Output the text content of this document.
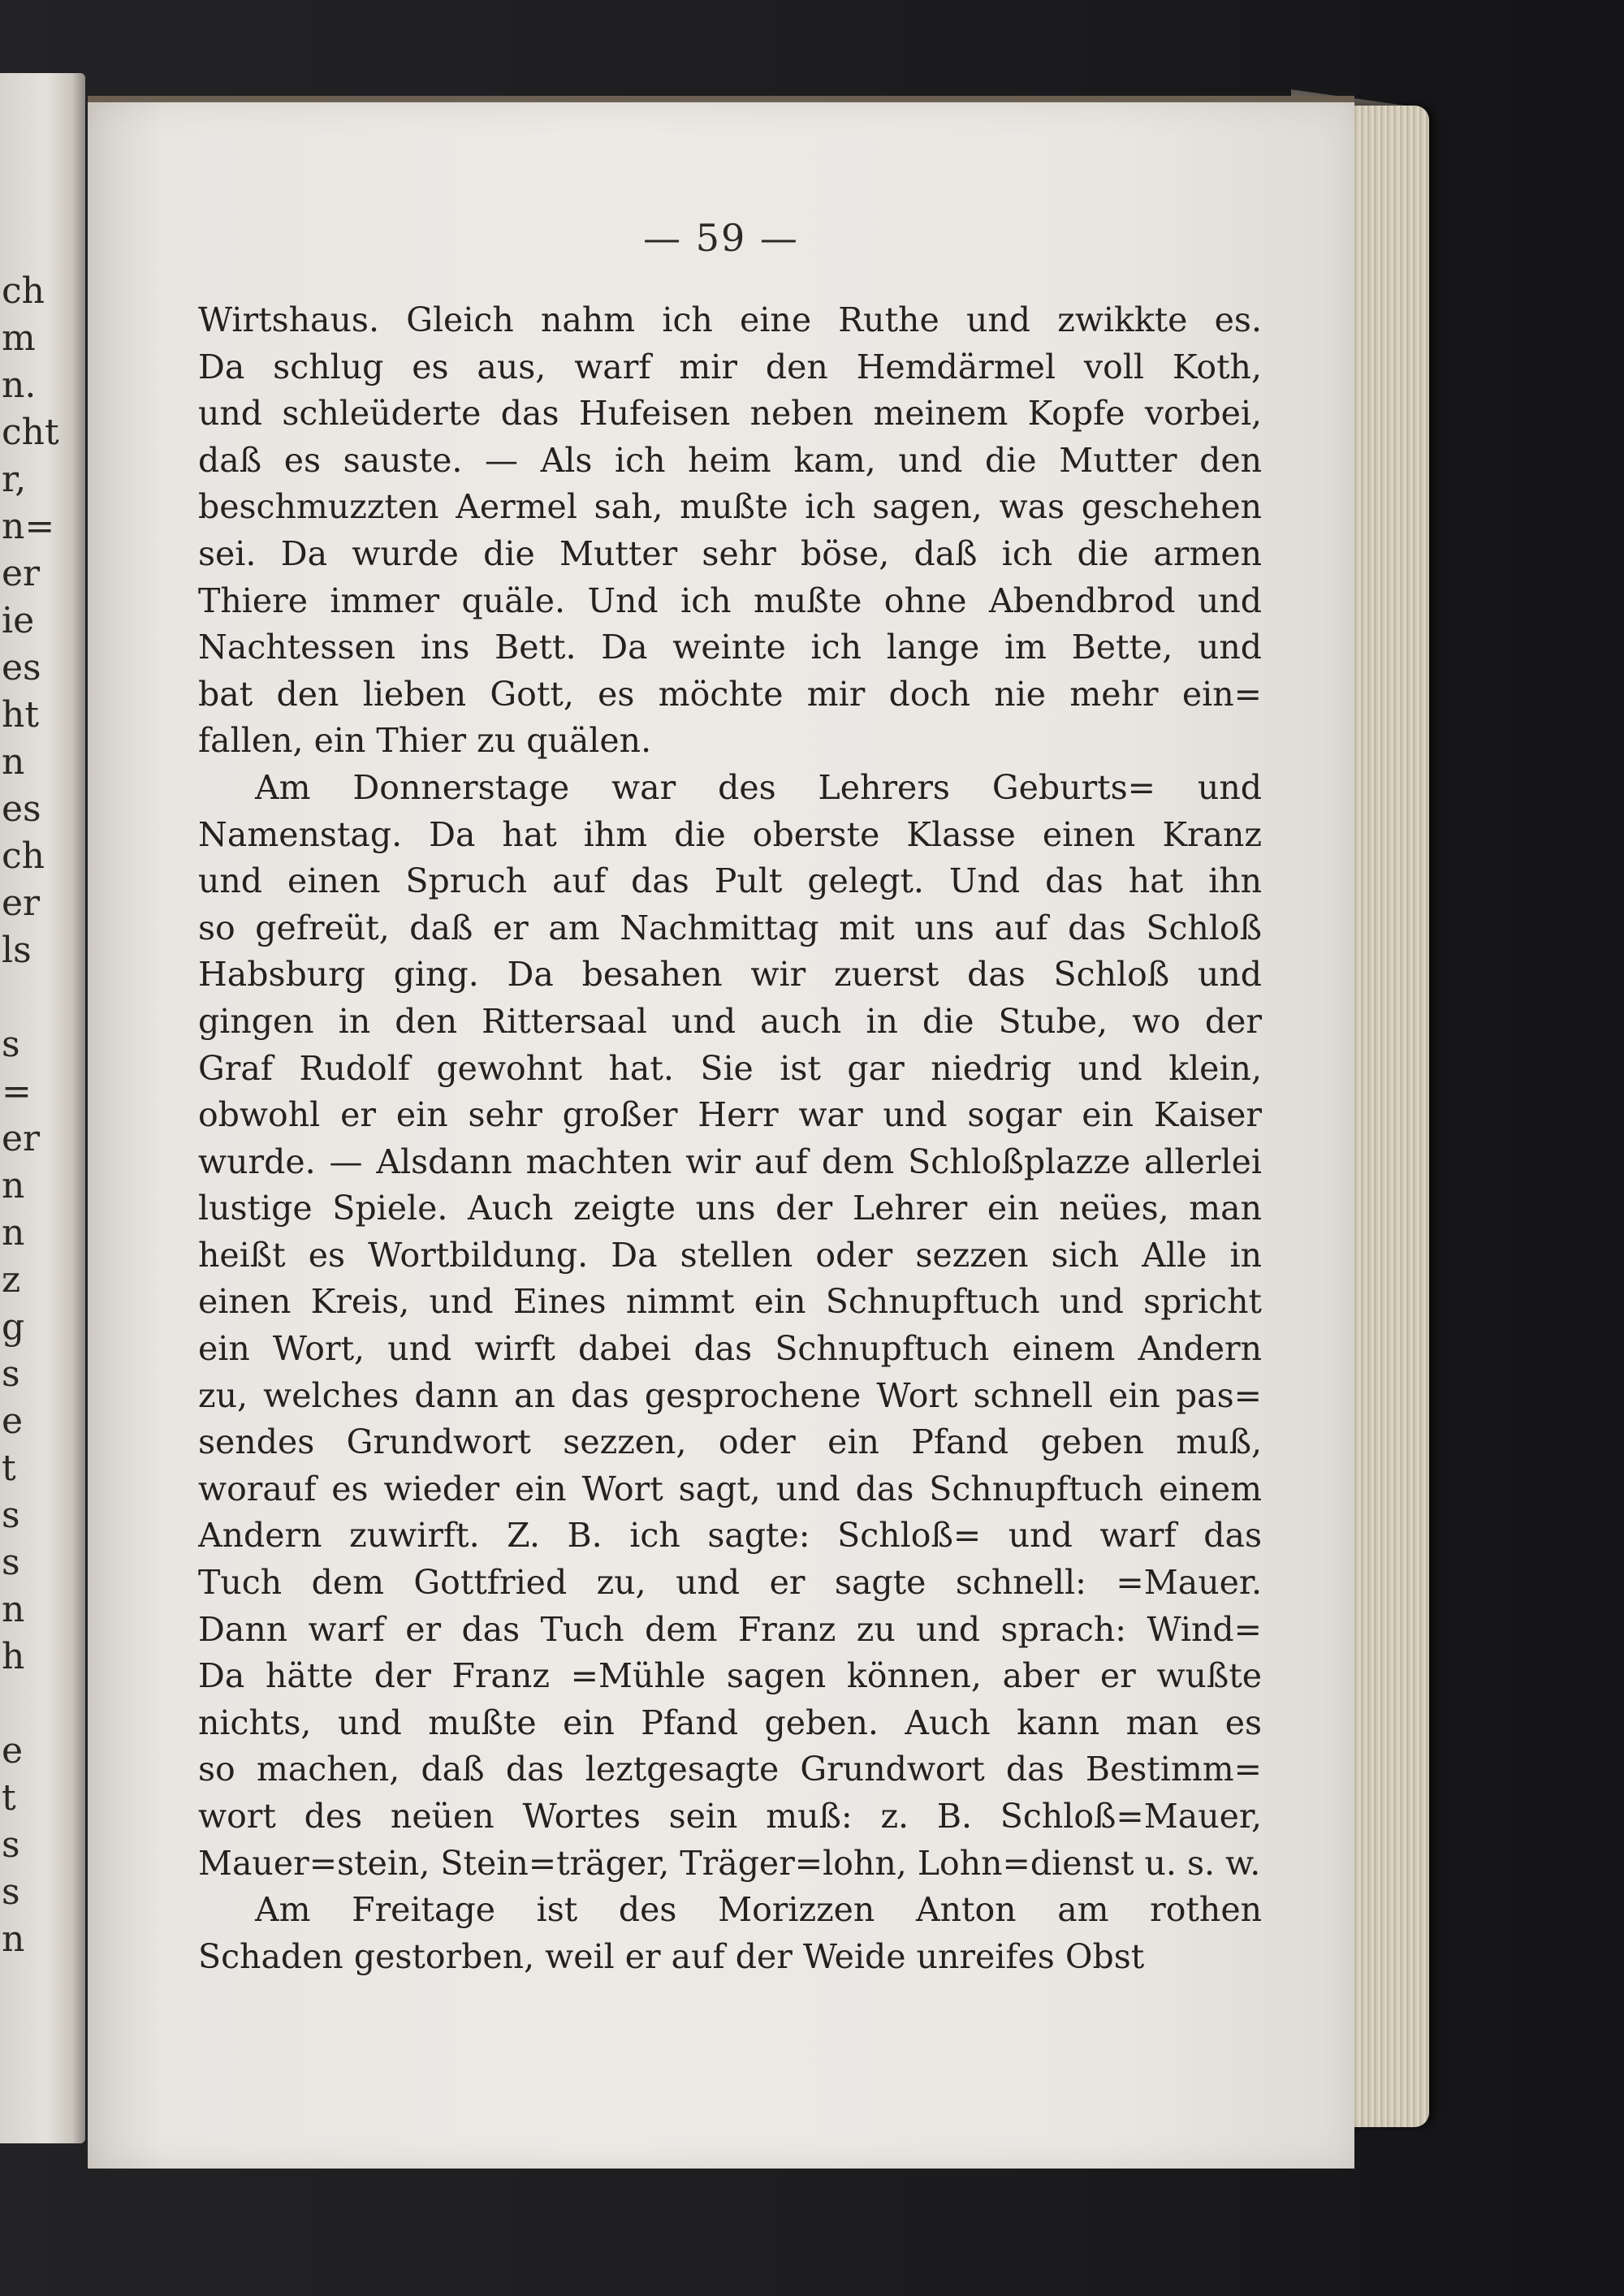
ch
m
n.
cht
r,
n=
er
ie
es
ht
n
es
ch
er
ls
s
=
er
n
n
z
g
s
e
t
s
s
n
h
e
t
s
s
n
— 59 —
Wirtshaus. Gleich nahm ich eine Ruthe und zwikkte es.
Da schlug es aus, warf mir den Hemdärmel voll Koth,
und schleüderte das Hufeisen neben meinem Kopfe vorbei,
daß es sauste. — Als ich heim kam, und die Mutter den
beschmuzzten Aermel sah, mußte ich sagen, was geschehen
sei. Da wurde die Mutter sehr böse, daß ich die armen
Thiere immer quäle. Und ich mußte ohne Abendbrod und
Nachtessen ins Bett. Da weinte ich lange im Bette, und
bat den lieben Gott, es möchte mir doch nie mehr ein=
fallen, ein Thier zu quälen.
Am Donnerstage war des Lehrers Geburts= und
Namenstag. Da hat ihm die oberste Klasse einen Kranz
und einen Spruch auf das Pult gelegt. Und das hat ihn
so gefreüt, daß er am Nachmittag mit uns auf das Schloß
Habsburg ging. Da besahen wir zuerst das Schloß und
gingen in den Rittersaal und auch in die Stube, wo der
Graf Rudolf gewohnt hat. Sie ist gar niedrig und klein,
obwohl er ein sehr großer Herr war und sogar ein Kaiser
wurde. — Alsdann machten wir auf dem Schloßplazze allerlei
lustige Spiele. Auch zeigte uns der Lehrer ein neües, man
heißt es Wortbildung. Da stellen oder sezzen sich Alle in
einen Kreis, und Eines nimmt ein Schnupftuch und spricht
ein Wort, und wirft dabei das Schnupftuch einem Andern
zu, welches dann an das gesprochene Wort schnell ein pas=
sendes Grundwort sezzen, oder ein Pfand geben muß,
worauf es wieder ein Wort sagt, und das Schnupftuch einem
Andern zuwirft. Z. B. ich sagte: Schloß= und warf das
Tuch dem Gottfried zu, und er sagte schnell: =Mauer.
Dann warf er das Tuch dem Franz zu und sprach: Wind=
Da hätte der Franz =Mühle sagen können, aber er wußte
nichts, und mußte ein Pfand geben. Auch kann man es
so machen, daß das leztgesagte Grundwort das Bestimm=
wort des neüen Wortes sein muß: z. B. Schloß=Mauer,
Mauer=stein, Stein=träger, Träger=lohn, Lohn=dienst u. s. w.
Am Freitage ist des Morizzen Anton am rothen
Schaden gestorben, weil er auf der Weide unreifes Obst
